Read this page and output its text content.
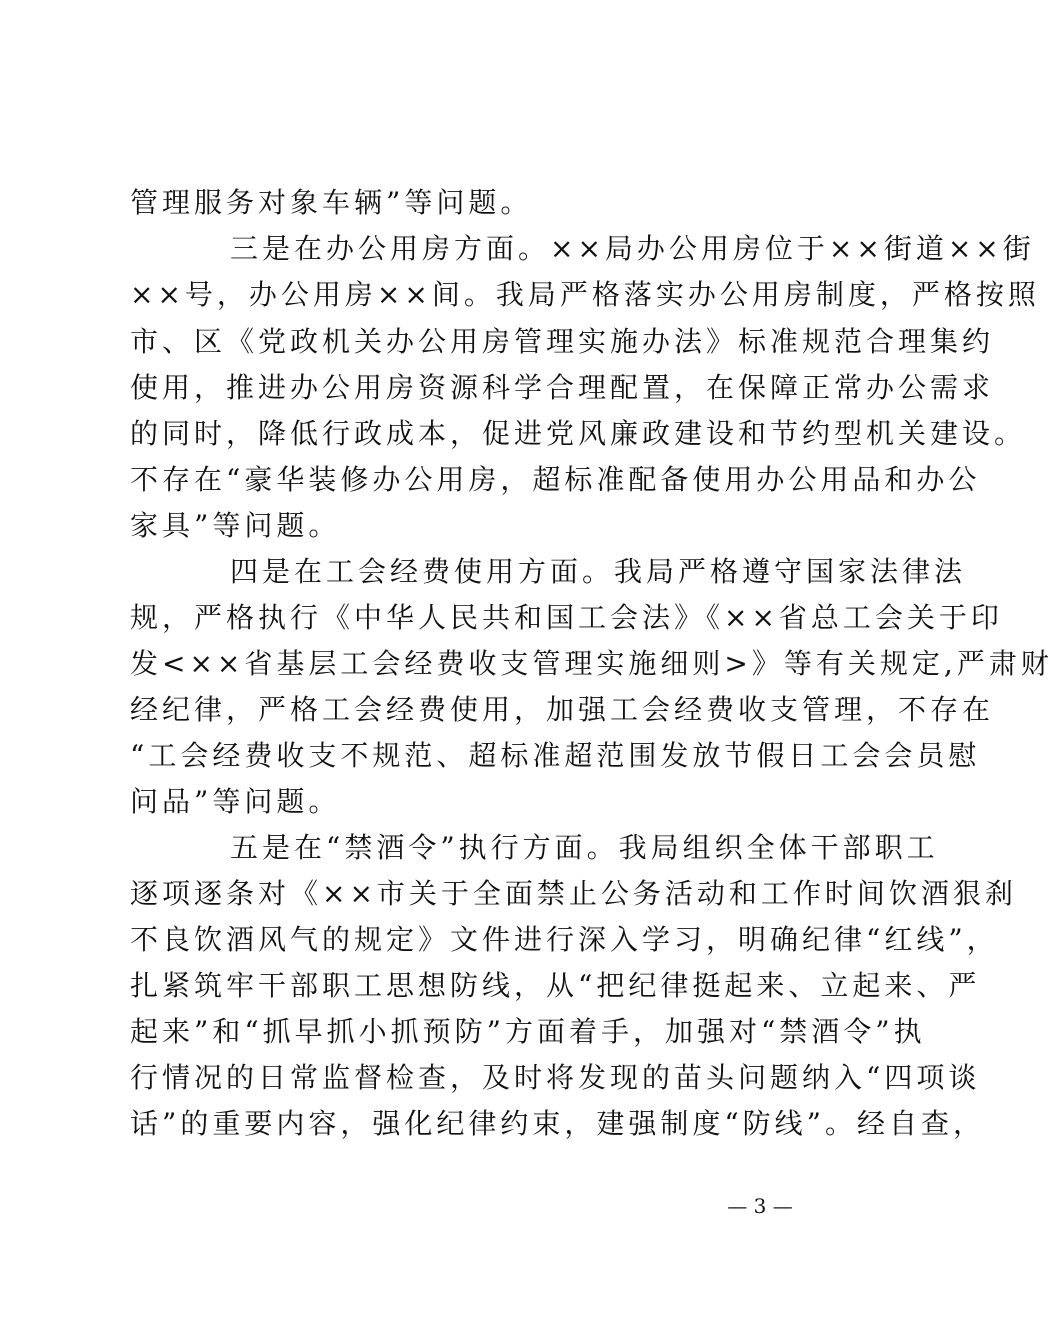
管理服务对象车辆”等问题。
三是在办公用房方面。××局办公用房位于××街道××街
××号，办公用房××间。我局严格落实办公用房制度，严格按照
市、区《党政机关办公用房管理实施办法》标准规范合理集约
使用，推进办公用房资源科学合理配置，在保障正常办公需求
的同时，降低行政成本，促进党风廉政建设和节约型机关建设。
不存在“豪华装修办公用房，超标准配备使用办公用品和办公
家具”等问题。
四是在工会经费使用方面。我局严格遵守国家法律法
规，严格执行《中华人民共和国工会法》《××省总工会关于印
发<××省基层工会经费收支管理实施细则>》等有关规定,严肃财
经纪律，严格工会经费使用，加强工会经费收支管理，不存在
“工会经费收支不规范、超标准超范围发放节假日工会会员慰
问品”等问题。
五是在“禁酒令”执行方面。我局组织全体干部职工
逐项逐条对《××市关于全面禁止公务活动和工作时间饮酒狠刹
不良饮酒风气的规定》文件进行深入学习，明确纪律“红线”，
扎紧筑牢干部职工思想防线，从“把纪律挺起来、立起来、严
起来”和“抓早抓小抓预防”方面着手，加强对“禁酒令”执
行情况的日常监督检查，及时将发现的苗头问题纳入“四项谈
话”的重要内容，强化纪律约束，建强制度“防线”。经自查，
— 3 —
